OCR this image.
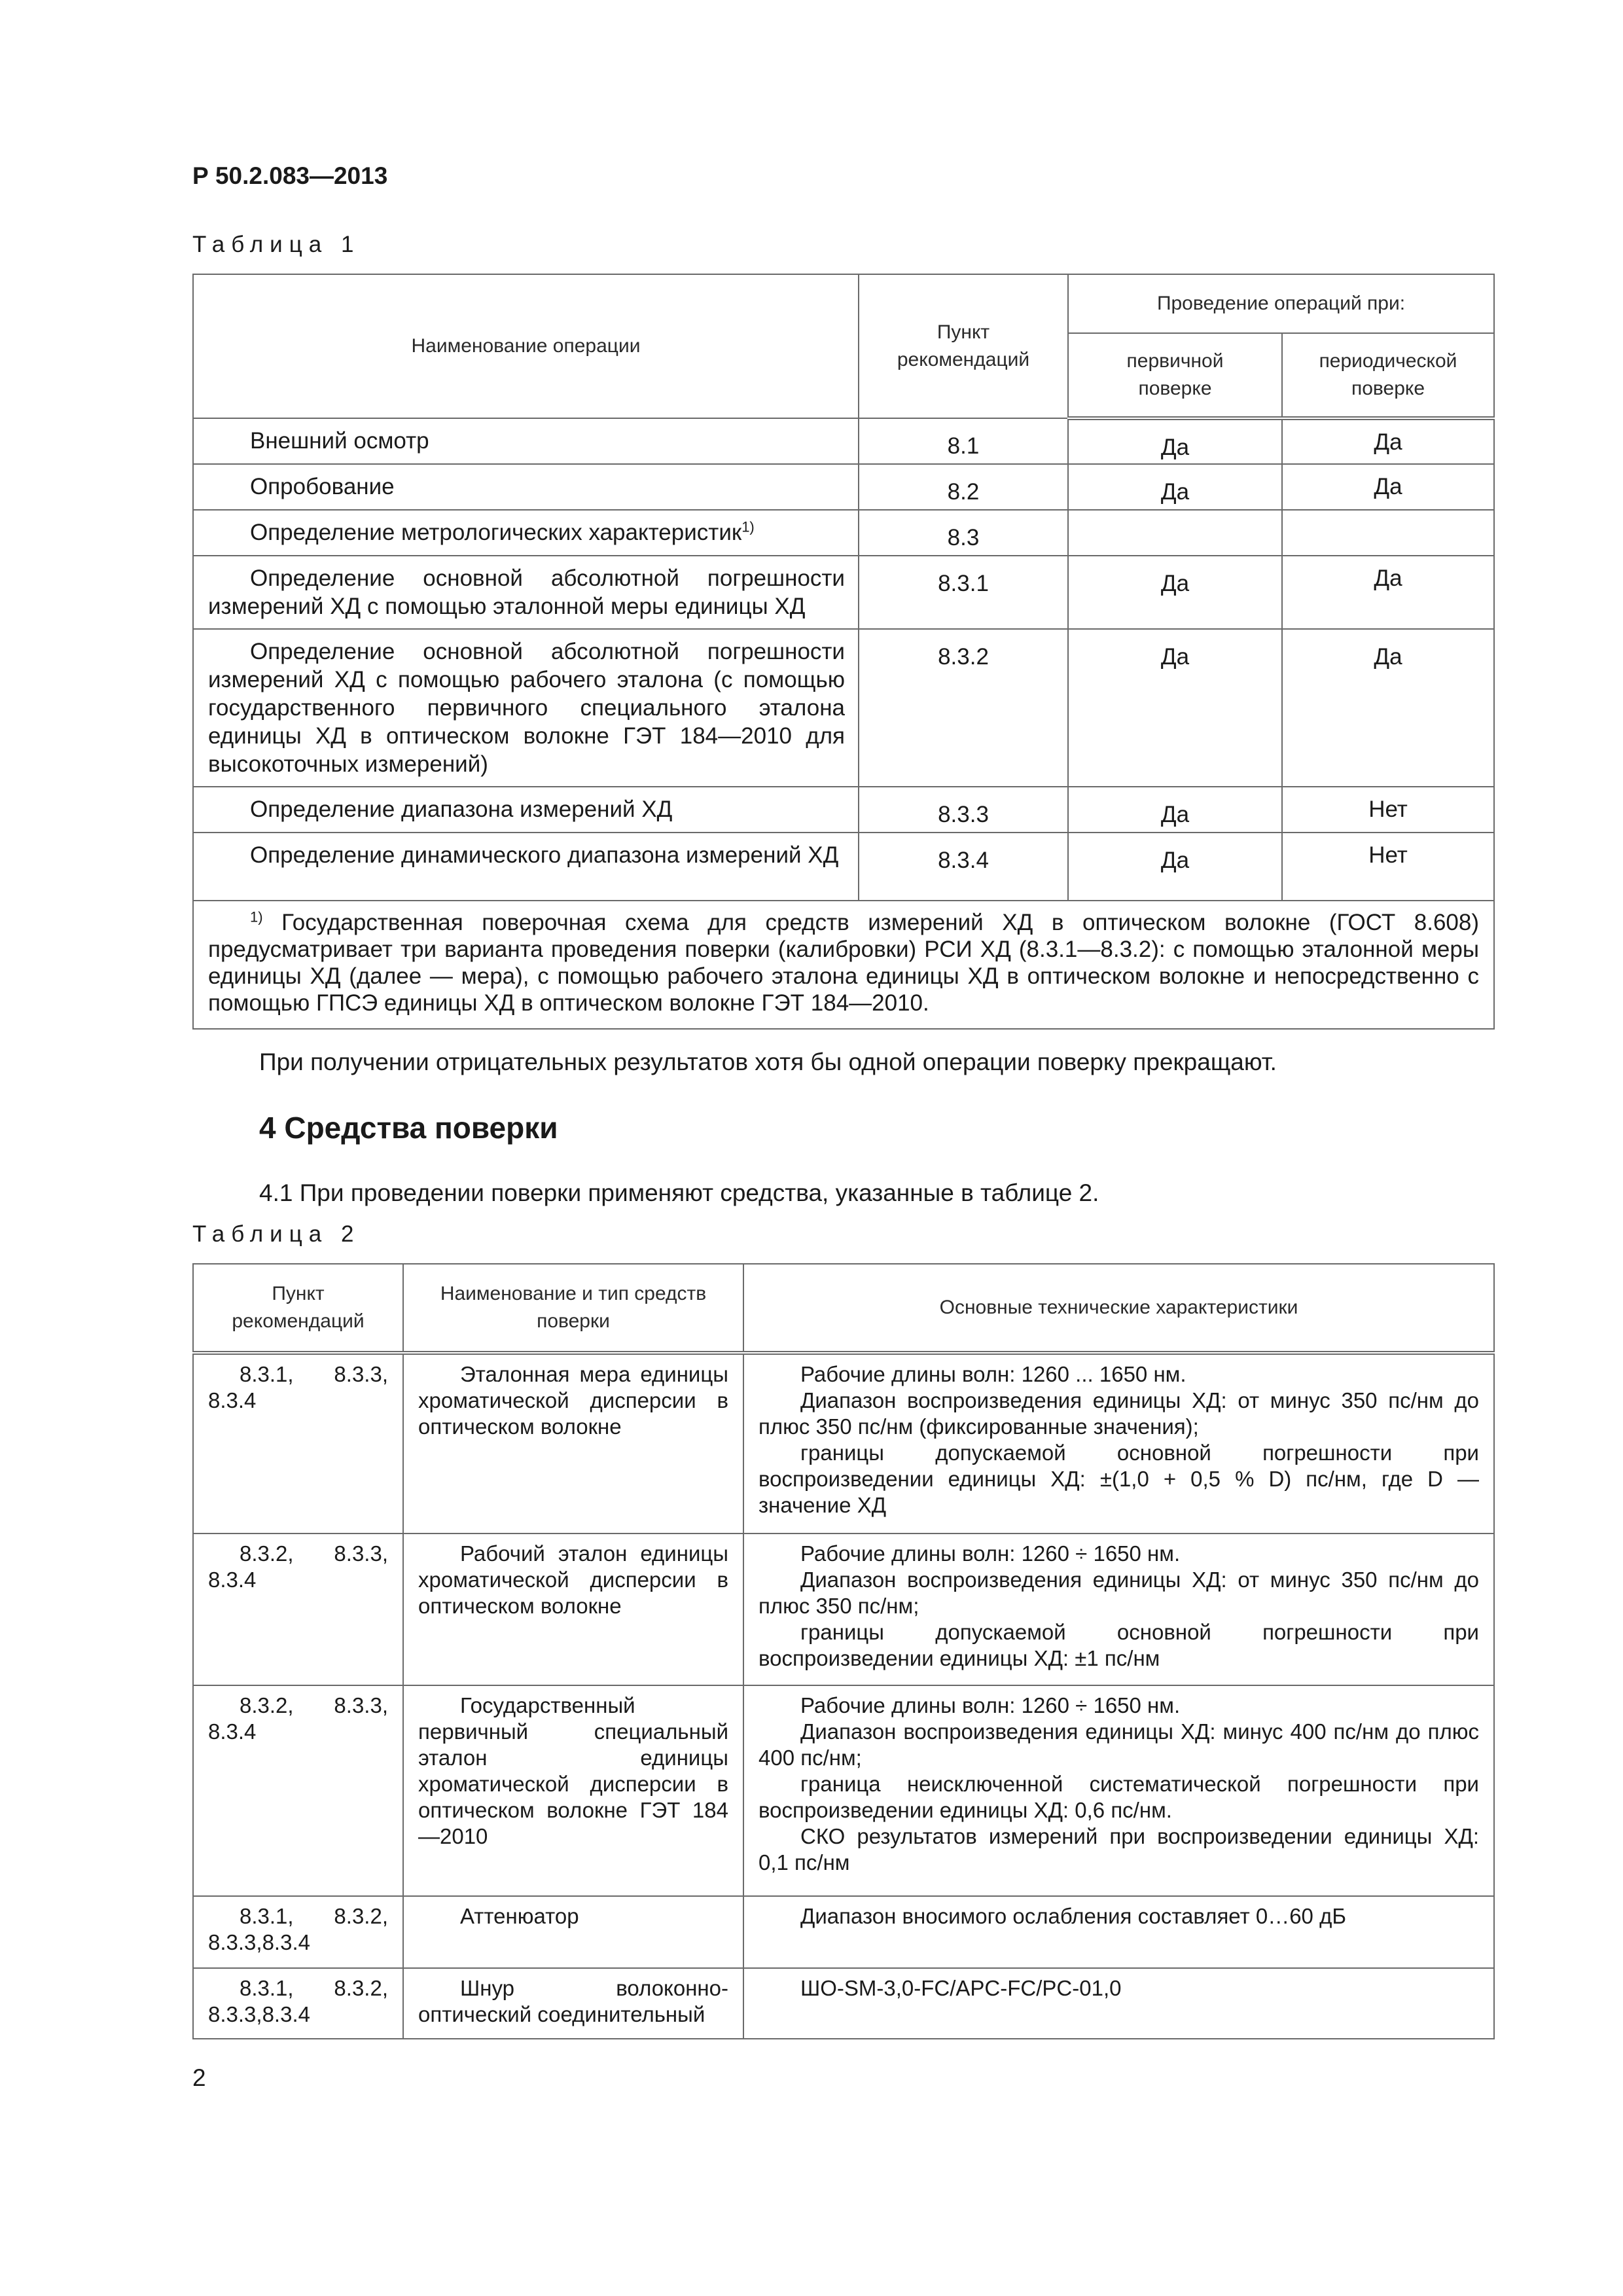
Р 50.2.083—2013
Таблица 1
Наименование операции	Пункт рекомендаций	Проведение операций при:	
		первичной поверке	периодической поверке

Внешний осмотр	8.1	Да	Да

Опробование	8.2	Да	Да

Определение метрологических характеристик$^{1)}$	8.3		

Определение основной абсолютной погрешности измерений ХД с помощью эталонной меры единицы ХД	8.3.1	Да	Да

Определение основной абсолютной погрешности измерений ХД с помощью рабочего эталона (с помощью государственного первичного специального эталона единицы ХД в оптическом волокне ГЭТ 184—2010 для высокоточных измерений)	8.3.2	Да	Да

Определение диапазона измерений ХД	8.3.3	Да	Нет

Определение динамического диапазона измерений ХД	8.3.4	Да	Нет
$^{1)}$ Государственная поверочная схема для средств измерений ХД в оптическом волокне (ГОСТ 8.608) предусматривает три варианта проведения поверки (калибровки) РСИ ХД (8.3.1—8.3.2): с помощью эталонной меры единицы ХД (далее — мера), с помощью рабочего эталона единицы ХД в оптическом волокне и непосредственно с помощью ГПСЭ единицы ХД в оптическом волокне ГЭТ 184—2010.			
При получении отрицательных результатов хотя бы одной операции поверку прекращают.
4 Средства поверки
4.1 При проведении поверки применяют средства, указанные в таблице 2.
Таблица 2
Пункт рекомендаций	Наименование и тип средств поверки	Основные технические характеристики

8.3.1, 8.3.3, 8.3.4	Эталонная мера единицы хроматической дисперсии в оптическом волокне	Рабочие длины волн: 1260 ... 1650 нм.
Диапазон воспроизведения единицы ХД: от минус 350 пс/нм до плюс 350 пс/нм (фиксированные значения);
границы допускаемой основной погрешности при воспроизведении единицы ХД: ±(1,0 + 0,5 % D) пс/нм, где D — значение ХД

8.3.2, 8.3.3, 8.3.4	Рабочий эталон единицы хроматической дисперсии в оптическом волокне	Рабочие длины волн: 1260 ÷ 1650 нм.
Диапазон воспроизведения единицы ХД: от минус 350 пс/нм до плюс 350 пс/нм;
границы допускаемой основной погрешности при воспроизведении единицы ХД: ±1 пс/нм

8.3.2, 8.3.3, 8.3.4	Государственный первичный специальный эталон единицы хроматической дисперсии в оптическом волокне ГЭТ 184—2010	Рабочие длины волн: 1260 ÷ 1650 нм.
Диапазон воспроизведения единицы ХД: минус 400 пс/нм до плюс 400 пс/нм;
граница неисключенной систематической погрешности при воспроизведении единицы ХД: 0,6 пс/нм.
СКО результатов измерений при воспроизведении единицы ХД: 0,1 пс/нм

8.3.1, 8.3.2, 8.3.3,8.3.4	Аттенюатор	Диапазон вносимого ослабления составляет 0…60 дБ

8.3.1, 8.3.2, 8.3.3,8.3.4	Шнур волоконно-оптический соединительный	ШО-SM-3,0-FC/APC-FC/PC-01,0
2
